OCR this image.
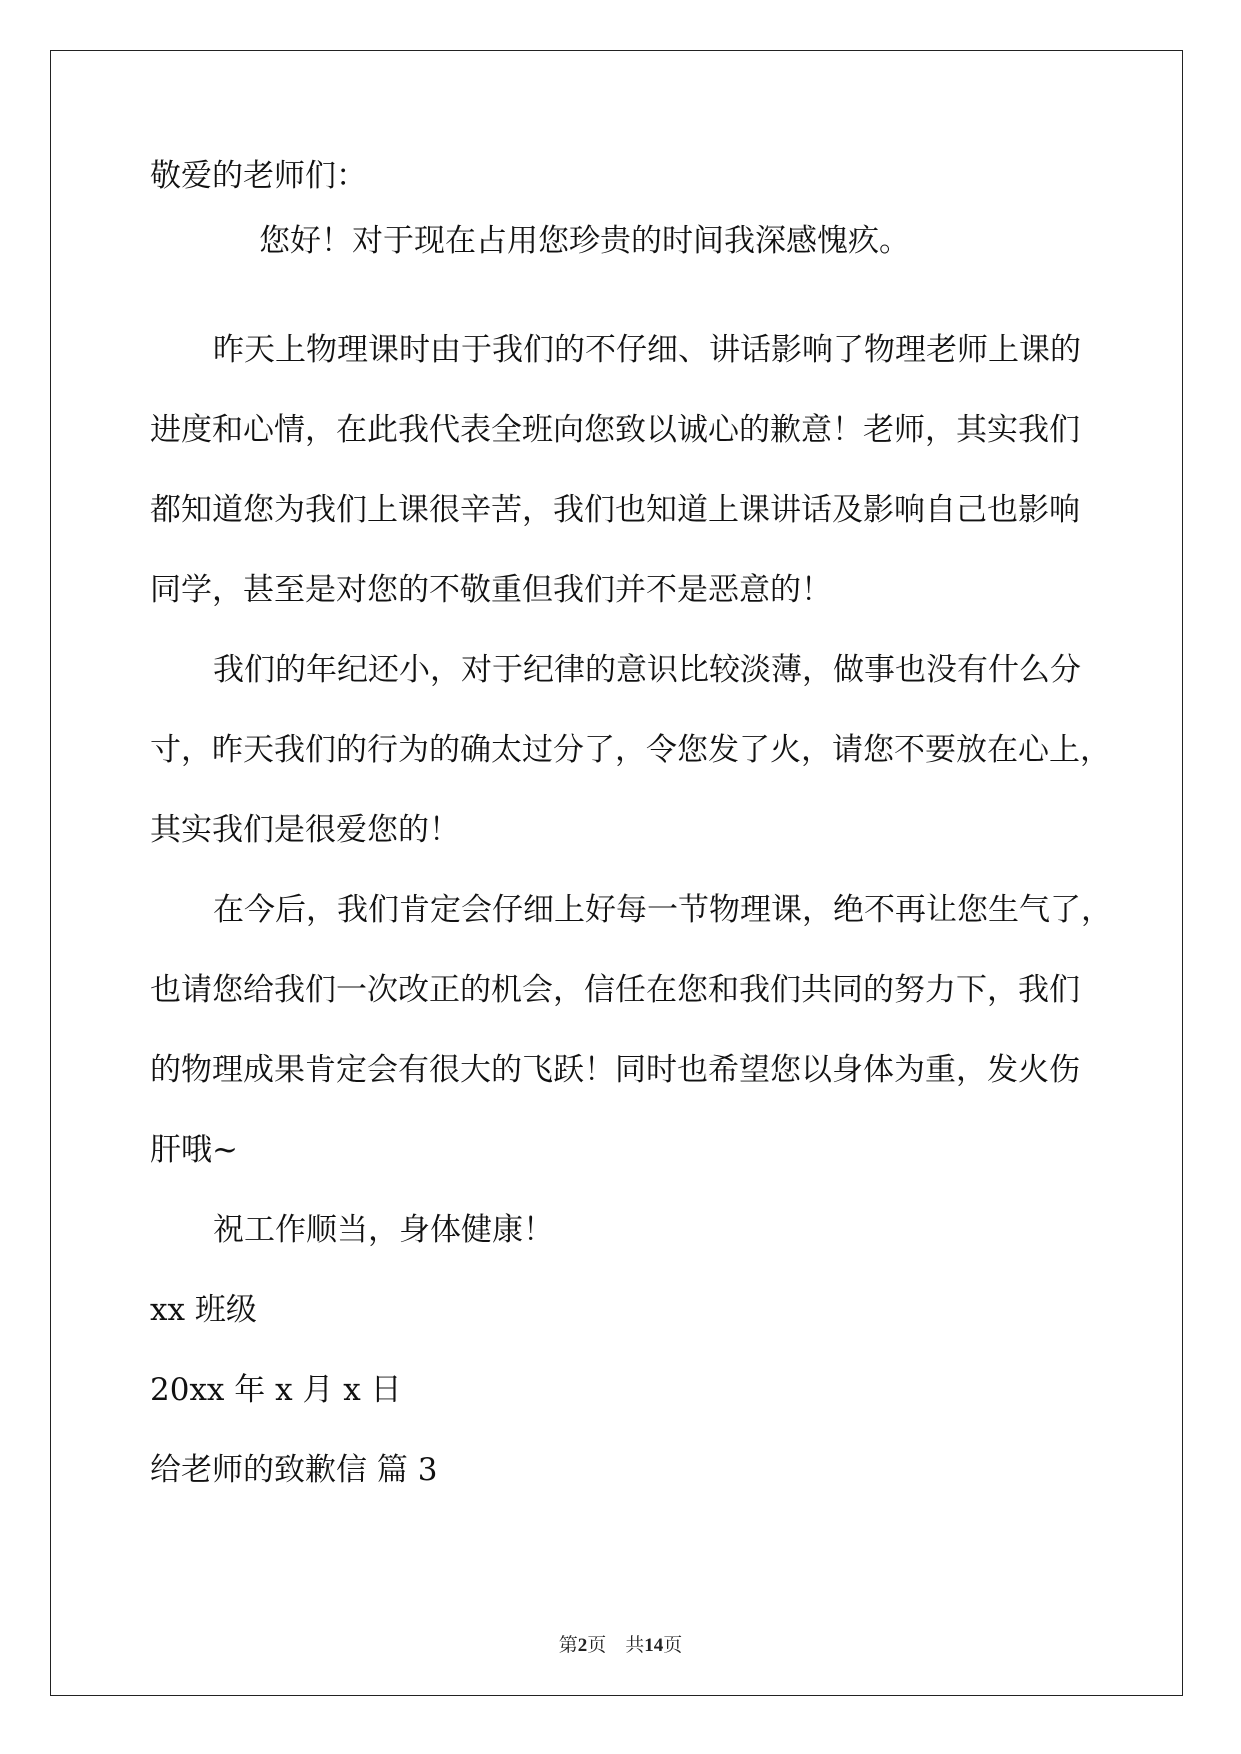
敬爱的老师们：

您好！对于现在占用您珍贵的时间我深感愧疚。

昨天上物理课时由于我们的不仔细、讲话影响了物理老师上课的

进度和心情，在此我代表全班向您致以诚心的歉意！老师，其实我们

都知道您为我们上课很辛苦，我们也知道上课讲话及影响自己也影响

同学，甚至是对您的不敬重但我们并不是恶意的！

我们的年纪还小，对于纪律的意识比较淡薄，做事也没有什么分

寸，昨天我们的行为的确太过分了，令您发了火，请您不要放在心上，

其实我们是很爱您的！

在今后，我们肯定会仔细上好每一节物理课，绝不再让您生气了，

也请您给我们一次改正的机会，信任在您和我们共同的努力下，我们

的物理成果肯定会有很大的飞跃！同时也希望您以身体为重，发火伤

肝哦~

祝工作顺当，身体健康！

xx 班级

20xx 年 x 月 x 日

给老师的致歉信 篇 3

第2页    共14页
